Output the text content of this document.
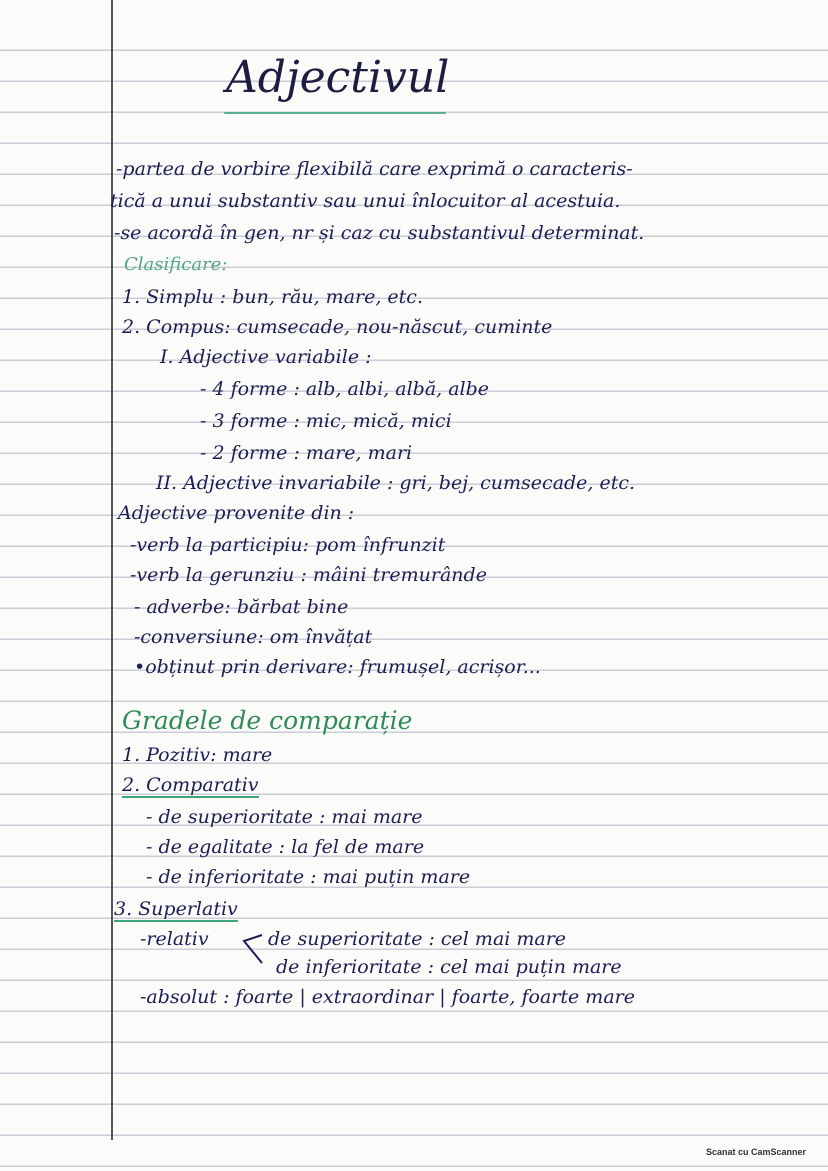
Adjectivul
-partea de vorbire flexibilă care exprimă o caracteris-
tică a unui substantiv sau unui înlocuitor al acestuia.
-se acordă în gen, nr și caz cu substantivul determinat.
Clasificare:
1. Simplu : bun, rău, mare, etc.
2. Compus: cumsecade, nou-născut, cuminte
I. Adjective variabile :
- 4 forme : alb, albi, albă, albe
- 3 forme : mic, mică, mici
- 2 forme : mare, mari
II. Adjective invariabile : gri, bej, cumsecade, etc.
Adjective provenite din :
-verb la participiu: pom înfrunzit
-verb la gerunziu : mâini tremurânde
- adverbe: bărbat bine
-conversiune: om învățat
•obținut prin derivare: frumușel, acrișor...
Gradele de comparație
1. Pozitiv: mare
2. Comparativ
- de superioritate : mai mare
- de egalitate : la fel de mare
- de inferioritate : mai puțin mare
3. Superlativ
-relativ	de superioritate : cel mai mare
de inferioritate : cel mai puțin mare
-absolut : foarte | extraordinar | foarte, foarte mare
Scanat cu CamScanner
